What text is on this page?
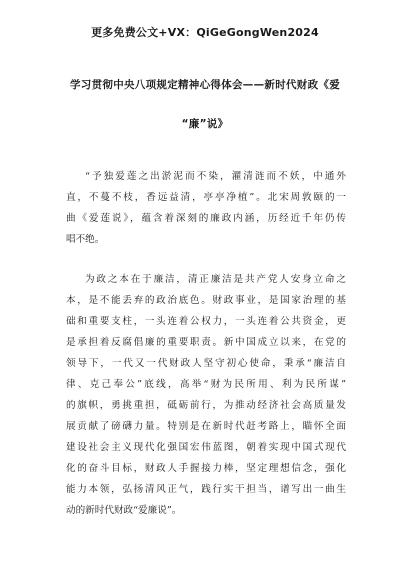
更多免费公文+VX：QiGeGongWen2024
学习贯彻中央八项规定精神心得体会——新时代财政《爱
“廉”说》

“予独爱莲之出淤泥而不染，濯清涟而不妖，中通外
直，不蔓不枝，香远益清，亭亭净植”。北宋周敦颐的一
曲《爱莲说》，蕴含着深刻的廉政内涵，历经近千年仍传
唱不绝。

为政之本在于廉洁，清正廉洁是共产党人安身立命之
本，是不能丢弃的政治底色。财政事业，是国家治理的基
础和重要支柱，一头连着公权力，一头连着公共资金，更
是承担着反腐倡廉的重要职责。新中国成立以来，在党的
领导下，一代又一代财政人坚守初心使命，秉承“廉洁自
律、克己奉公”底线，高举“财为民所用、利为民所谋”
的旗帜，勇挑重担，砥砺前行，为推动经济社会高质量发
展贡献了磅礴力量。特别是在新时代赶考路上，瞄怀全面
建设社会主义现代化强国宏伟蓝图，朝着实现中国式现代
化的奋斗目标，财政人手握接力棒，坚定理想信念，强化
能力本领，弘扬清风正气，践行实干担当，谱写出一曲生
动的新时代财政“爱廉说”。
